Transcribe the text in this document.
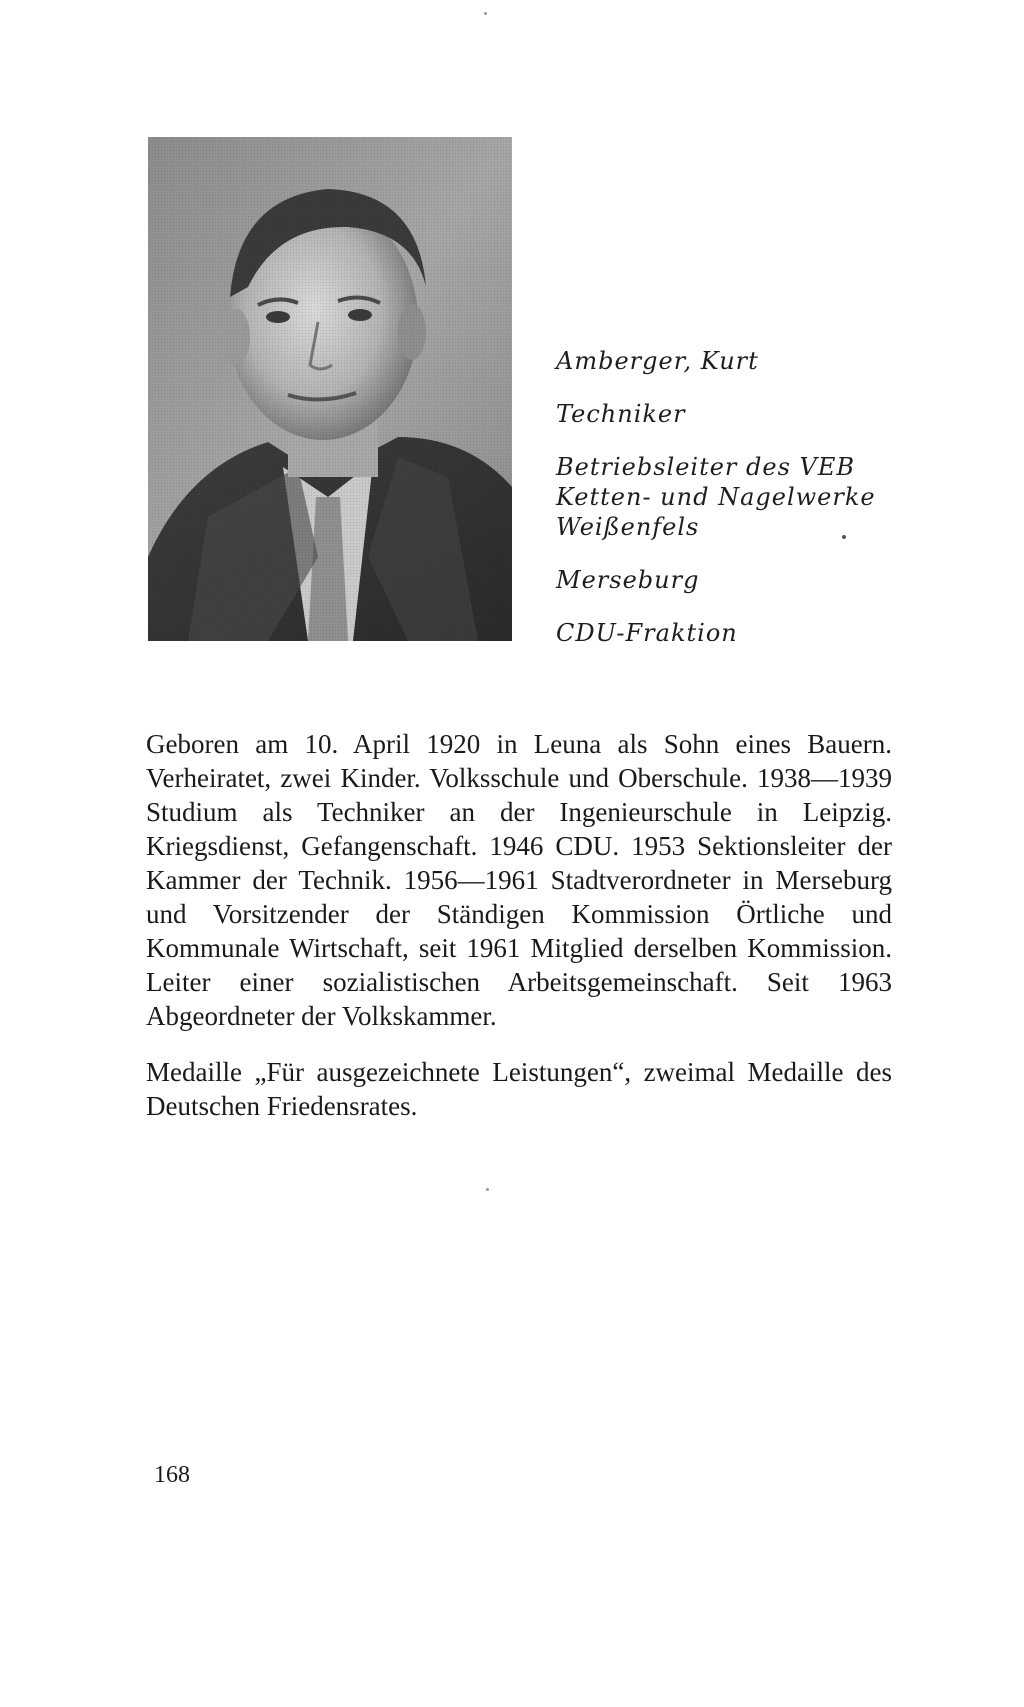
Amberger, Kurt
Techniker
Betriebsleiter des VEB
Ketten- und Nagelwerke
Weißenfels
Merseburg
CDU-Fraktion

Geboren am 10. April 1920 in Leuna als Sohn eines Bauern. Verheiratet, zwei Kinder. Volksschule und Oberschule. 1938—1939 Studium als Techniker an der Ingenieurschule in Leipzig. Kriegsdienst, Gefangenschaft. 1946 CDU. 1953 Sektionsleiter der Kammer der Technik. 1956—1961 Stadtverordneter in Merseburg und Vorsitzender der Ständigen Kommission Örtliche und Kommunale Wirtschaft, seit 1961 Mitglied derselben Kommission. Leiter einer sozialistischen Arbeitsgemeinschaft. Seit 1963 Abgeordneter der Volkskammer.

Medaille „Für ausgezeichnete Leistungen“, zweimal Medaille des Deutschen Friedensrates.

168
